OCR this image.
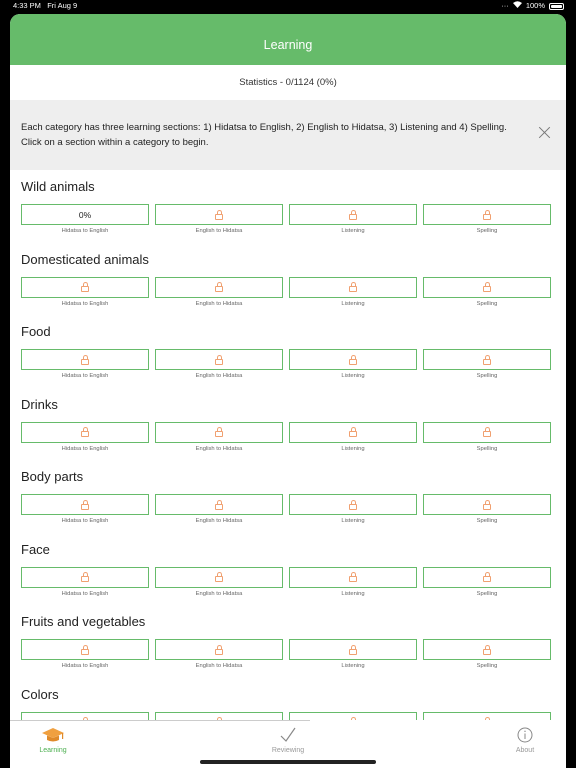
4:33 PM Fri Aug 9	··· 100%
Learning
Statistics - 0/1124 (0%)
Each category has three learning sections: 1) Hidatsa to English, 2) English to Hidatsa, 3) Listening and 4) Spelling.
Click on a section within a category to begin.
Wild animals
0%
Hidatsa to English	English to Hidatsa	Listening	Spelling
Domesticated animals
Hidatsa to English	English to Hidatsa	Listening	Spelling
Food
Hidatsa to English	English to Hidatsa	Listening	Spelling
Drinks
Hidatsa to English	English to Hidatsa	Listening	Spelling
Body parts
Hidatsa to English	English to Hidatsa	Listening	Spelling
Face
Hidatsa to English	English to Hidatsa	Listening	Spelling
Fruits and vegetables
Hidatsa to English	English to Hidatsa	Listening	Spelling
Colors
Learning	Reviewing	About
